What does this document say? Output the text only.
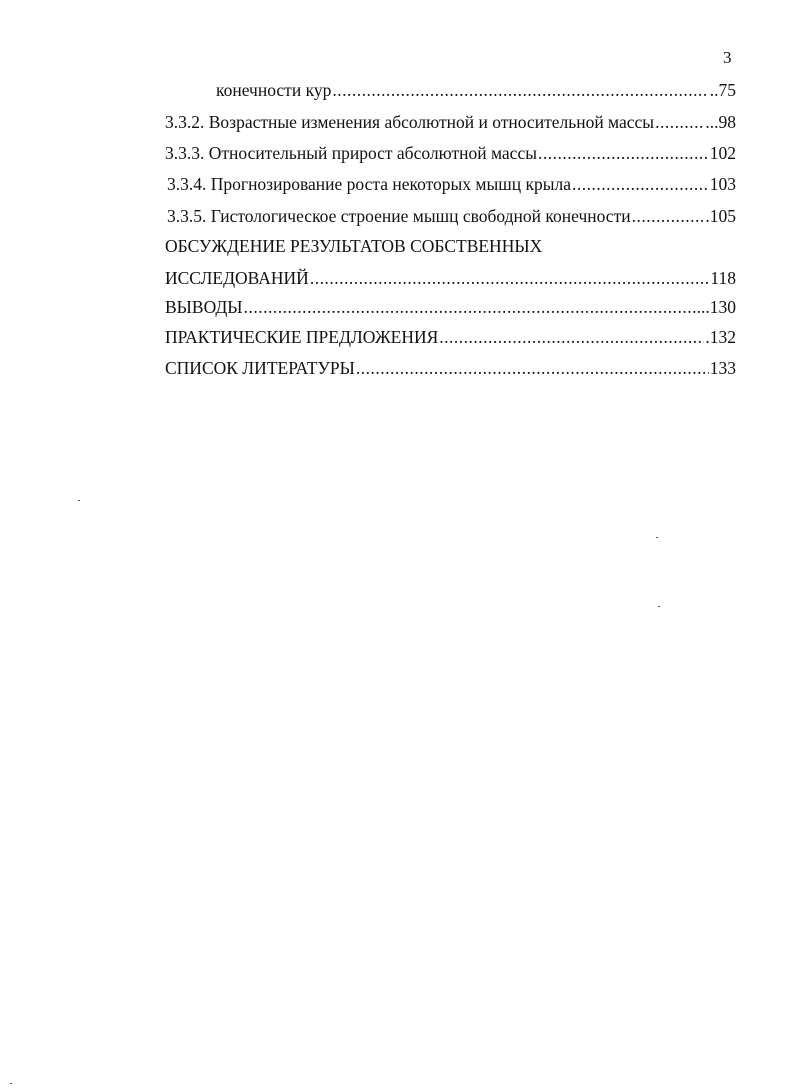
3
конечности кур .....	..75
3.3.2. Возрастные изменения абсолютной и относительной массы .....	...98
3.3.3. Относительный прирост абсолютной массы .....	102
3.3.4. Прогнозирование роста некоторых мышц крыла .....	103
3.3.5. Гистологическое строение мышц свободной конечности .....	.105
ОБСУЖДЕНИЕ РЕЗУЛЬТАТОВ СОБСТВЕННЫХ
ИССЛЕДОВАНИЙ .....	118
ВЫВОДЫ .....	...130
ПРАКТИЧЕСКИЕ ПРЕДЛОЖЕНИЯ .....	.132
СПИСОК ЛИТЕРАТУРЫ .....	133
